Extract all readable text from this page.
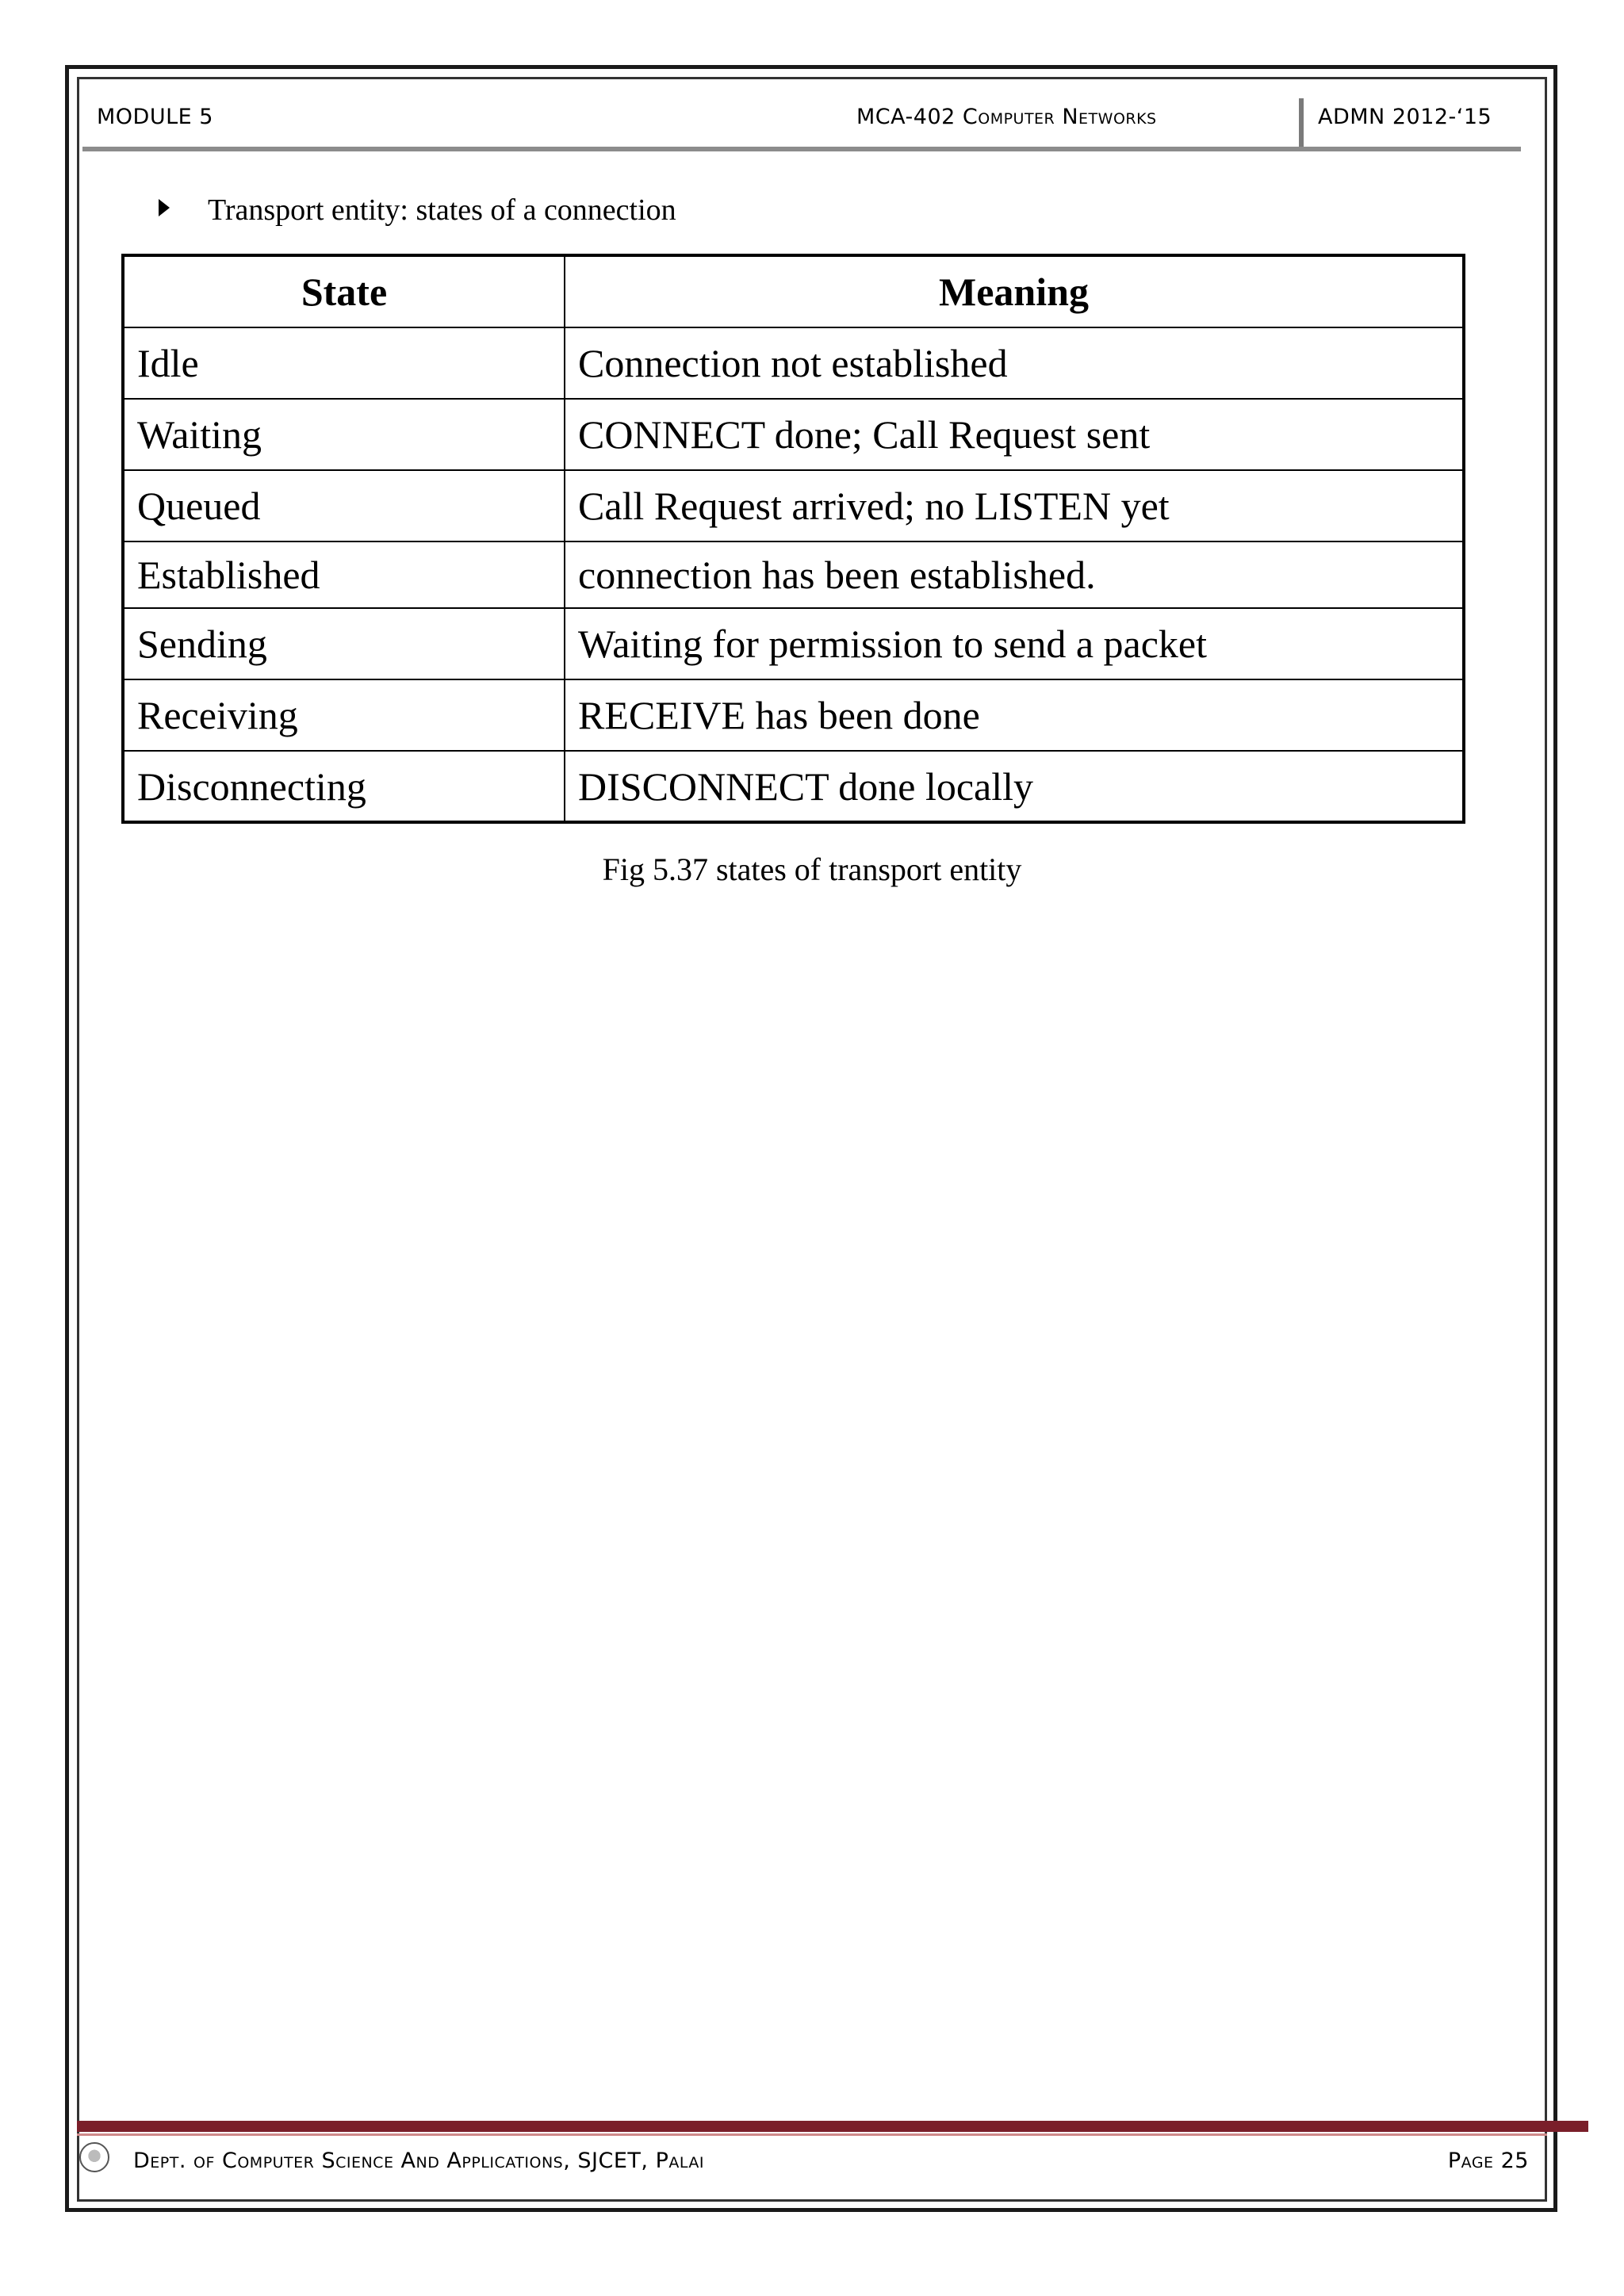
MODULE 5	MCA-402 Computer Networks	ADMN 2012-‘15
Transport entity: states of a connection
State	Meaning
Idle	Connection not established
Waiting	CONNECT done; Call Request sent
Queued	Call Request arrived; no LISTEN yet
Established	connection has been established.
Sending	Waiting for permission to send a packet
Receiving	RECEIVE has been done
Disconnecting	DISCONNECT done locally
Fig 5.37 states of transport entity
Dept. of Computer Science And Applications, SJCET, Palai	Page 25
